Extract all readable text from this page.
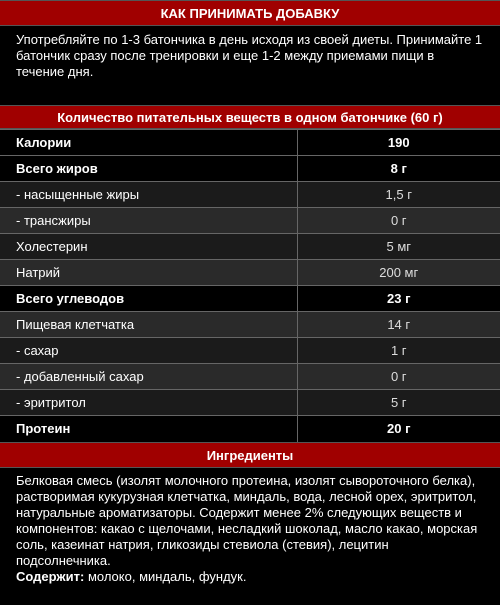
КАК ПРИНИМАТЬ ДОБАВКУ
Употребляйте по 1-3 батончика в день исходя из своей диеты. Принимайте 1 батончик сразу после тренировки и еще 1-2 между приемами пищи в течение дня.
Количество питательных веществ в одном батончике (60 г)
Калории	190
Всего жиров	8 г
- насыщенные жиры	1,5 г
- трансжиры	0 г
Холестерин	5 мг
Натрий	200 мг
Всего углеводов	23 г
Пищевая клетчатка	14 г
- сахар	1 г
- добавленный сахар	0 г
- эритритол	5 г
Протеин	20 г
Ингредиенты
Белковая смесь (изолят молочного протеина, изолят сывороточного белка), растворимая кукурузная клетчатка, миндаль, вода, лесной орех, эритритол, натуральные ароматизаторы. Содержит менее 2% следующих веществ и компонентов: какао с щелочами, несладкий шоколад, масло какао, морская соль, казеинат натрия, гликозиды стевиола (стевия), лецитин подсолнечника.
Содержит: молоко, миндаль, фундук.
